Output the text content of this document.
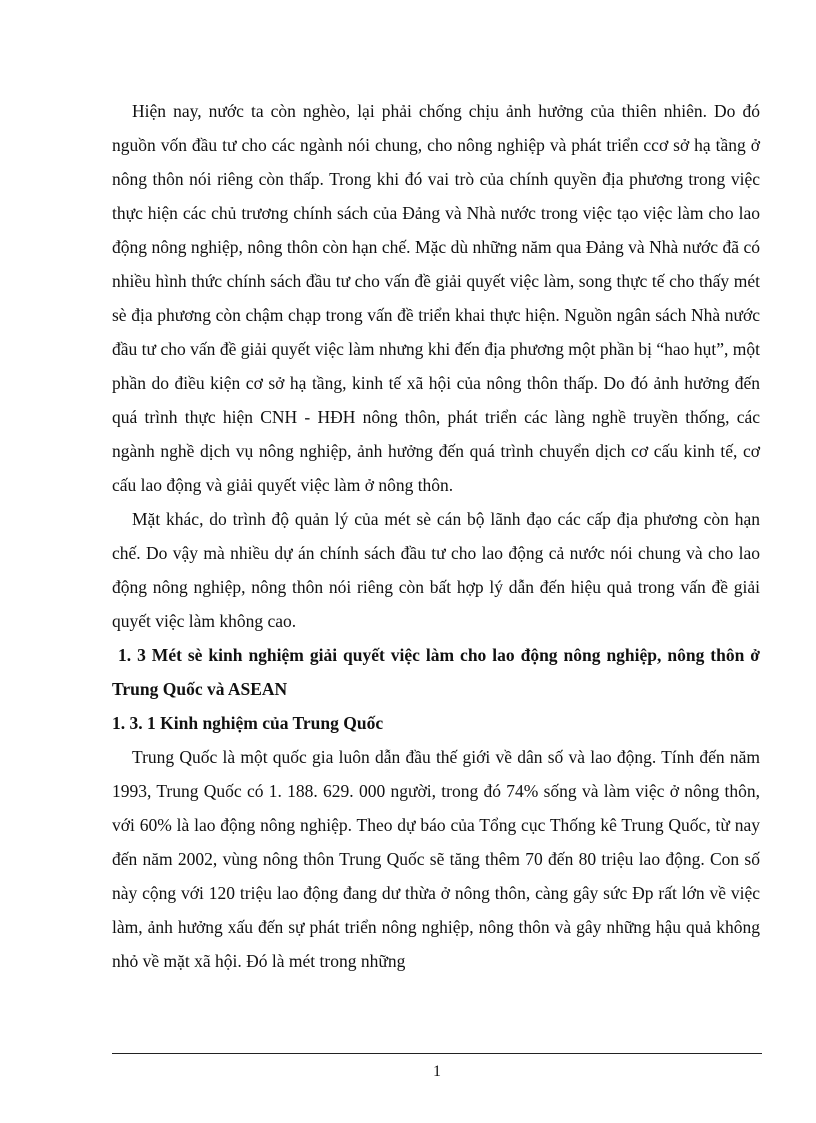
Hiện nay, nước ta còn nghèo, lại phải chống chịu ảnh hưởng của thiên nhiên. Do đó nguồn vốn đầu tư cho các ngành nói chung, cho nông nghiệp và phát triển ccơ sở hạ tầng ở nông thôn nói riêng còn thấp. Trong khi đó vai trò của chính quyền địa phương trong việc thực hiện các chủ trương chính sách của Đảng và Nhà nước trong việc tạo việc làm cho lao động nông nghiệp, nông thôn còn hạn chế. Mặc dù những năm qua Đảng và Nhà nước đã có nhiều hình thức chính sách đầu tư cho vấn đề giải quyết việc làm, song thực tế cho thấy mét sè địa phương còn chậm chạp trong vấn đề triển khai thực hiện. Nguồn ngân sách Nhà nước đầu tư cho vấn đề giải quyết việc làm nhưng khi đến địa phương một phần bị “hao hụt”, một phần do điều kiện cơ sở hạ tầng, kinh tế xã hội của nông thôn thấp. Do đó ảnh hưởng đến quá trình thực hiện CNH - HĐH nông thôn, phát triển các làng nghề truyền thống, các ngành nghề dịch vụ nông nghiệp, ảnh hưởng đến quá trình chuyển dịch cơ cấu kinh tế, cơ cấu lao động và giải quyết việc làm ở nông thôn.

Mặt khác, do trình độ quản lý của mét sè cán bộ lãnh đạo các cấp địa phương còn hạn chế. Do vậy mà nhiều dự án chính sách đầu tư cho lao động cả nước nói chung và cho lao động nông nghiệp, nông thôn nói riêng còn bất hợp lý dẫn đến hiệu quả trong vấn đề giải quyết việc làm không cao.

1. 3 Mét sè kinh nghiệm giải quyết việc làm cho lao động nông nghiệp, nông thôn ở Trung Quốc và ASEAN

1. 3. 1 Kinh nghiệm của Trung Quốc

Trung Quốc là một quốc gia luôn dẫn đầu thế giới về dân số và lao động. Tính đến năm 1993, Trung Quốc có 1. 188. 629. 000 người, trong đó 74% sống và làm việc ở nông thôn, với 60% là lao động nông nghiệp. Theo dự báo của Tổng cục Thống kê Trung Quốc, từ nay đến năm 2002, vùng nông thôn Trung Quốc sẽ tăng thêm 70 đến 80 triệu lao động. Con số này cộng với 120 triệu lao động đang dư thừa ở nông thôn, càng gây sức Ðp rất lớn về việc làm, ảnh hưởng xấu đến sự phát triển nông nghiệp, nông thôn và gây những hậu quả không nhỏ về mặt xã hội. Đó là mét trong những

1
